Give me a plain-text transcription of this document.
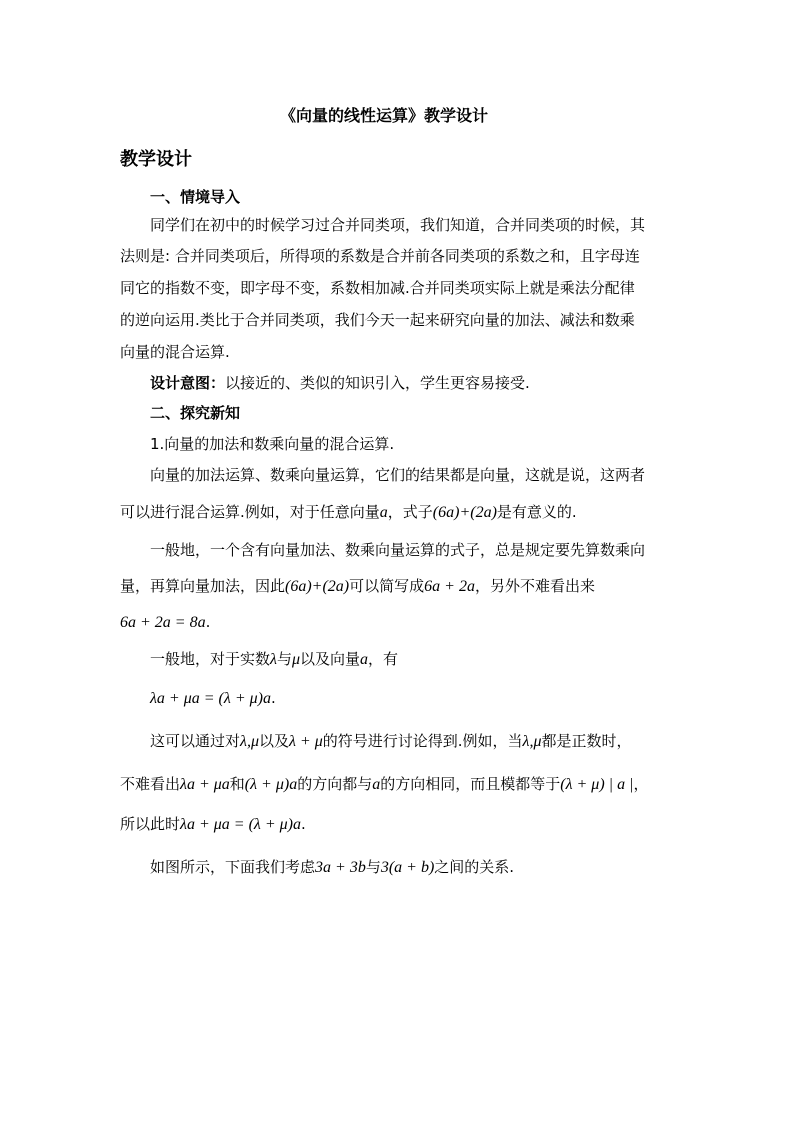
《向量的线性运算》教学设计
教学设计
一、情境导入
同学们在初中的时候学习过合并同类项，我们知道，合并同类项的时候，其
法则是: 合并同类项后，所得项的系数是合并前各同类项的系数之和，且字母连
同它的指数不变，即字母不变，系数相加减.合并同类项实际上就是乘法分配律
的逆向运用.类比于合并同类项，我们今天一起来研究向量的加法、减法和数乘
向量的混合运算.
设计意图：以接近的、类似的知识引入，学生更容易接受.
二、探究新知
1.向量的加法和数乘向量的混合运算.
向量的加法运算、数乘向量运算，它们的结果都是向量，这就是说，这两者
可以进行混合运算.例如，对于任意向量a，式子(6a)+(2a)是有意义的.
一般地，一个含有向量加法、数乘向量运算的式子，总是规定要先算数乘向
量，再算向量加法，因此(6a)+(2a)可以简写成6a + 2a，另外不难看出来
6a + 2a = 8a.
一般地，对于实数λ与μ以及向量a，有
λa + μa = (λ + μ)a.
这可以通过对λ,μ以及λ + μ的符号进行讨论得到.例如，当λ,μ都是正数时，
不难看出λa + μa和(λ + μ)a的方向都与a的方向相同，而且模都等于(λ + μ) | a |，
所以此时λa + μa = (λ + μ)a.
如图所示，下面我们考虑3a + 3b与3(a + b)之间的关系.
